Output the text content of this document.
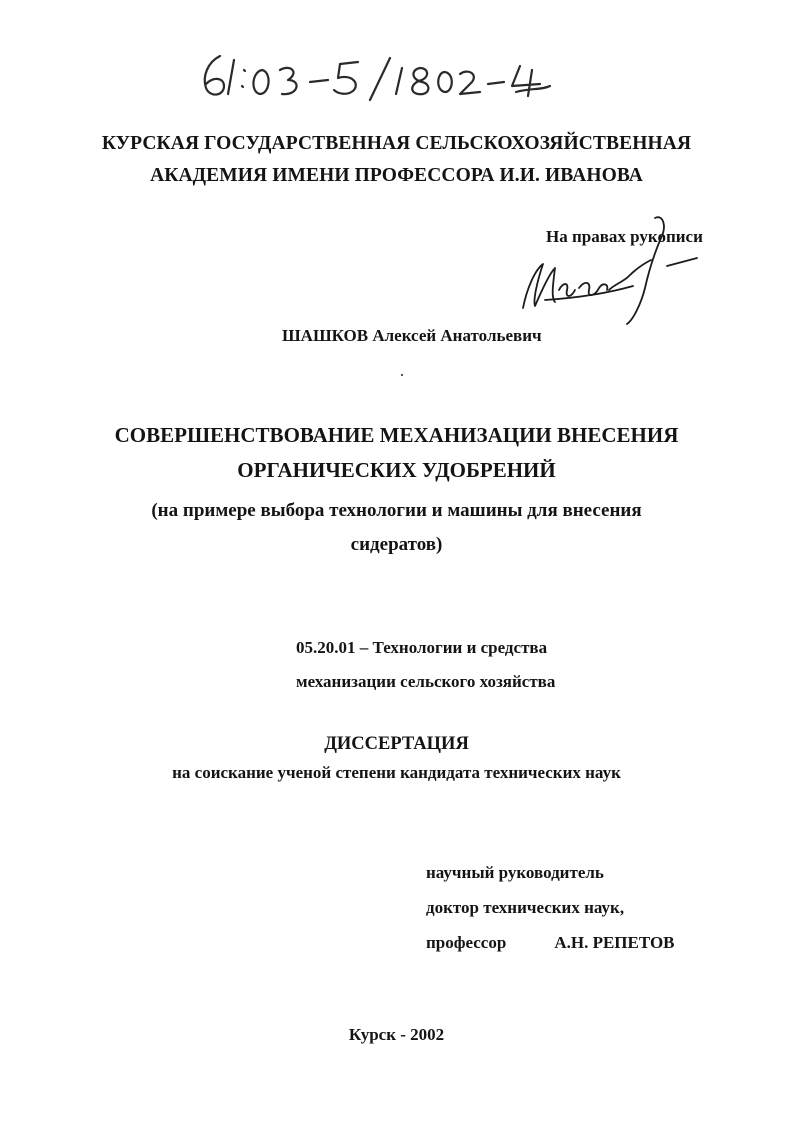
КУРСКАЯ ГОСУДАРСТВЕННАЯ СЕЛЬСКОХОЗЯЙСТВЕННАЯ
АКАДЕМИЯ ИМЕНИ ПРОФЕССОРА И.И. ИВАНОВА
На правах рукописи
ШАШКОВ Алексей Анатольевич
СОВЕРШЕНСТВОВАНИЕ МЕХАНИЗАЦИИ ВНЕСЕНИЯ
ОРГАНИЧЕСКИХ УДОБРЕНИЙ
(на примере выбора технологии и машины для внесения
сидератов)
05.20.01 – Технологии и средства
механизации сельского хозяйства
ДИССЕРТАЦИЯ
на соискание ученой степени кандидата технических наук
научный руководитель
доктор технических наук,
профессор	А.Н. РЕПЕТОВ
Курск - 2002
